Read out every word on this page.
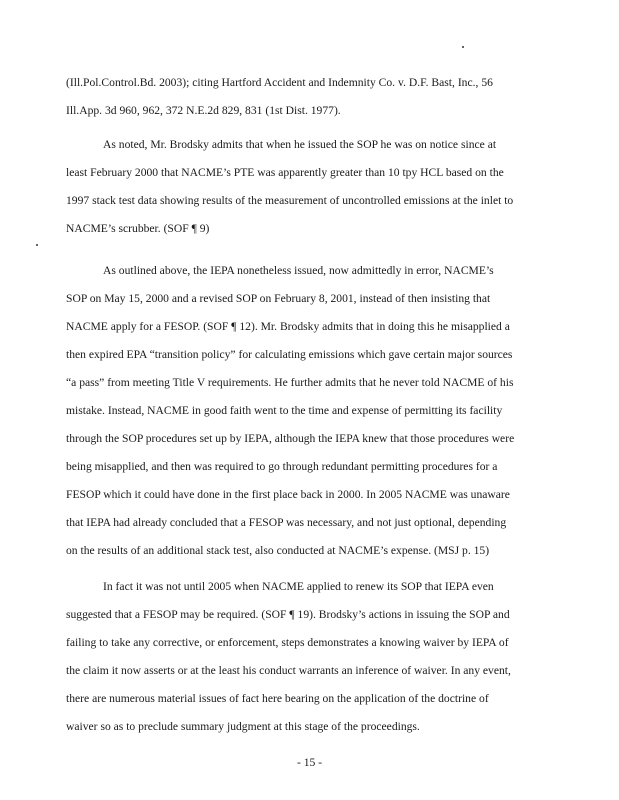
(Ill.Pol.Control.Bd. 2003); citing Hartford Accident and Indemnity Co. v. D.F. Bast, Inc., 56

Ill.App. 3d 960, 962, 372 N.E.2d 829, 831 (1st Dist. 1977).

As noted, Mr. Brodsky admits that when he issued the SOP he was on notice since at

least February 2000 that NACME’s PTE was apparently greater than 10 tpy HCL based on the

1997 stack test data showing results of the measurement of uncontrolled emissions at the inlet to

NACME’s scrubber. (SOF ¶ 9)

As outlined above, the IEPA nonetheless issued, now admittedly in error, NACME’s

SOP on May 15, 2000 and a revised SOP on February 8, 2001, instead of then insisting that

NACME apply for a FESOP. (SOF ¶ 12). Mr. Brodsky admits that in doing this he misapplied a

then expired EPA “transition policy” for calculating emissions which gave certain major sources

“a pass” from meeting Title V requirements. He further admits that he never told NACME of his

mistake. Instead, NACME in good faith went to the time and expense of permitting its facility

through the SOP procedures set up by IEPA, although the IEPA knew that those procedures were

being misapplied, and then was required to go through redundant permitting procedures for a

FESOP which it could have done in the first place back in 2000. In 2005 NACME was unaware

that IEPA had already concluded that a FESOP was necessary, and not just optional, depending

on the results of an additional stack test, also conducted at NACME’s expense. (MSJ p. 15)

In fact it was not until 2005 when NACME applied to renew its SOP that IEPA even

suggested that a FESOP may be required. (SOF ¶ 19). Brodsky’s actions in issuing the SOP and

failing to take any corrective, or enforcement, steps demonstrates a knowing waiver by IEPA of

the claim it now asserts or at the least his conduct warrants an inference of waiver. In any event,

there are numerous material issues of fact here bearing on the application of the doctrine of

waiver so as to preclude summary judgment at this stage of the proceedings.

- 15 -
